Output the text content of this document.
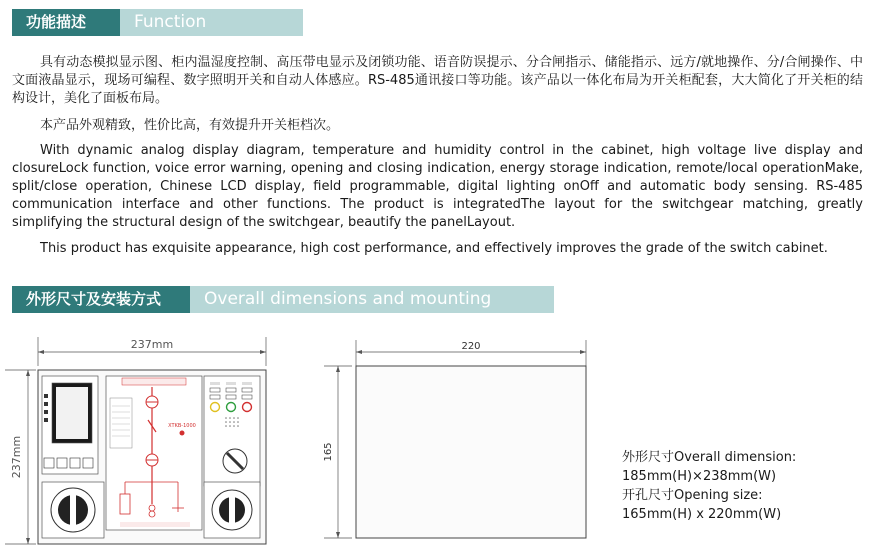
功能描述	Function Description

具有动态模拟显示图、柜内温湿度控制、高压带电显示及闭锁功能、语音防误提示、分合闸指示、储能指示、远方/就地操作、分/合闸操作、中文面液晶显示，现场可编程、数字照明开关和自动人体感应。RS-485通讯接口等功能。该产品以一体化布局为开关柜配套，大大简化了开关柜的结构设计，美化了面板布局。

本产品外观精致，性价比高，有效提升开关柜档次。

With dynamic analog display diagram, temperature and humidity control in the cabinet, high voltage live display and closureLock function, voice error warning, opening and closing indication, energy storage indication, remote/local operationMake, split/close operation, Chinese LCD display, field programmable, digital lighting onOff and automatic body sensing. RS-485 communication interface and other functions. The product is integratedThe layout for the switchgear matching, greatly simplifying the structural design of the switchgear, beautify the panelLayout.

This product has exquisite appearance, high cost performance, and effectively improves the grade of the switch cabinet.

外形尺寸及安装方式	Overall dimensions and mounting methods
237mm
237mm
XTKB-1000
220
165	外形尺寸Overall dimension:
185mm(H)×238mm(W)
开孔尺寸Opening size:
165mm(H) x 220mm(W)
